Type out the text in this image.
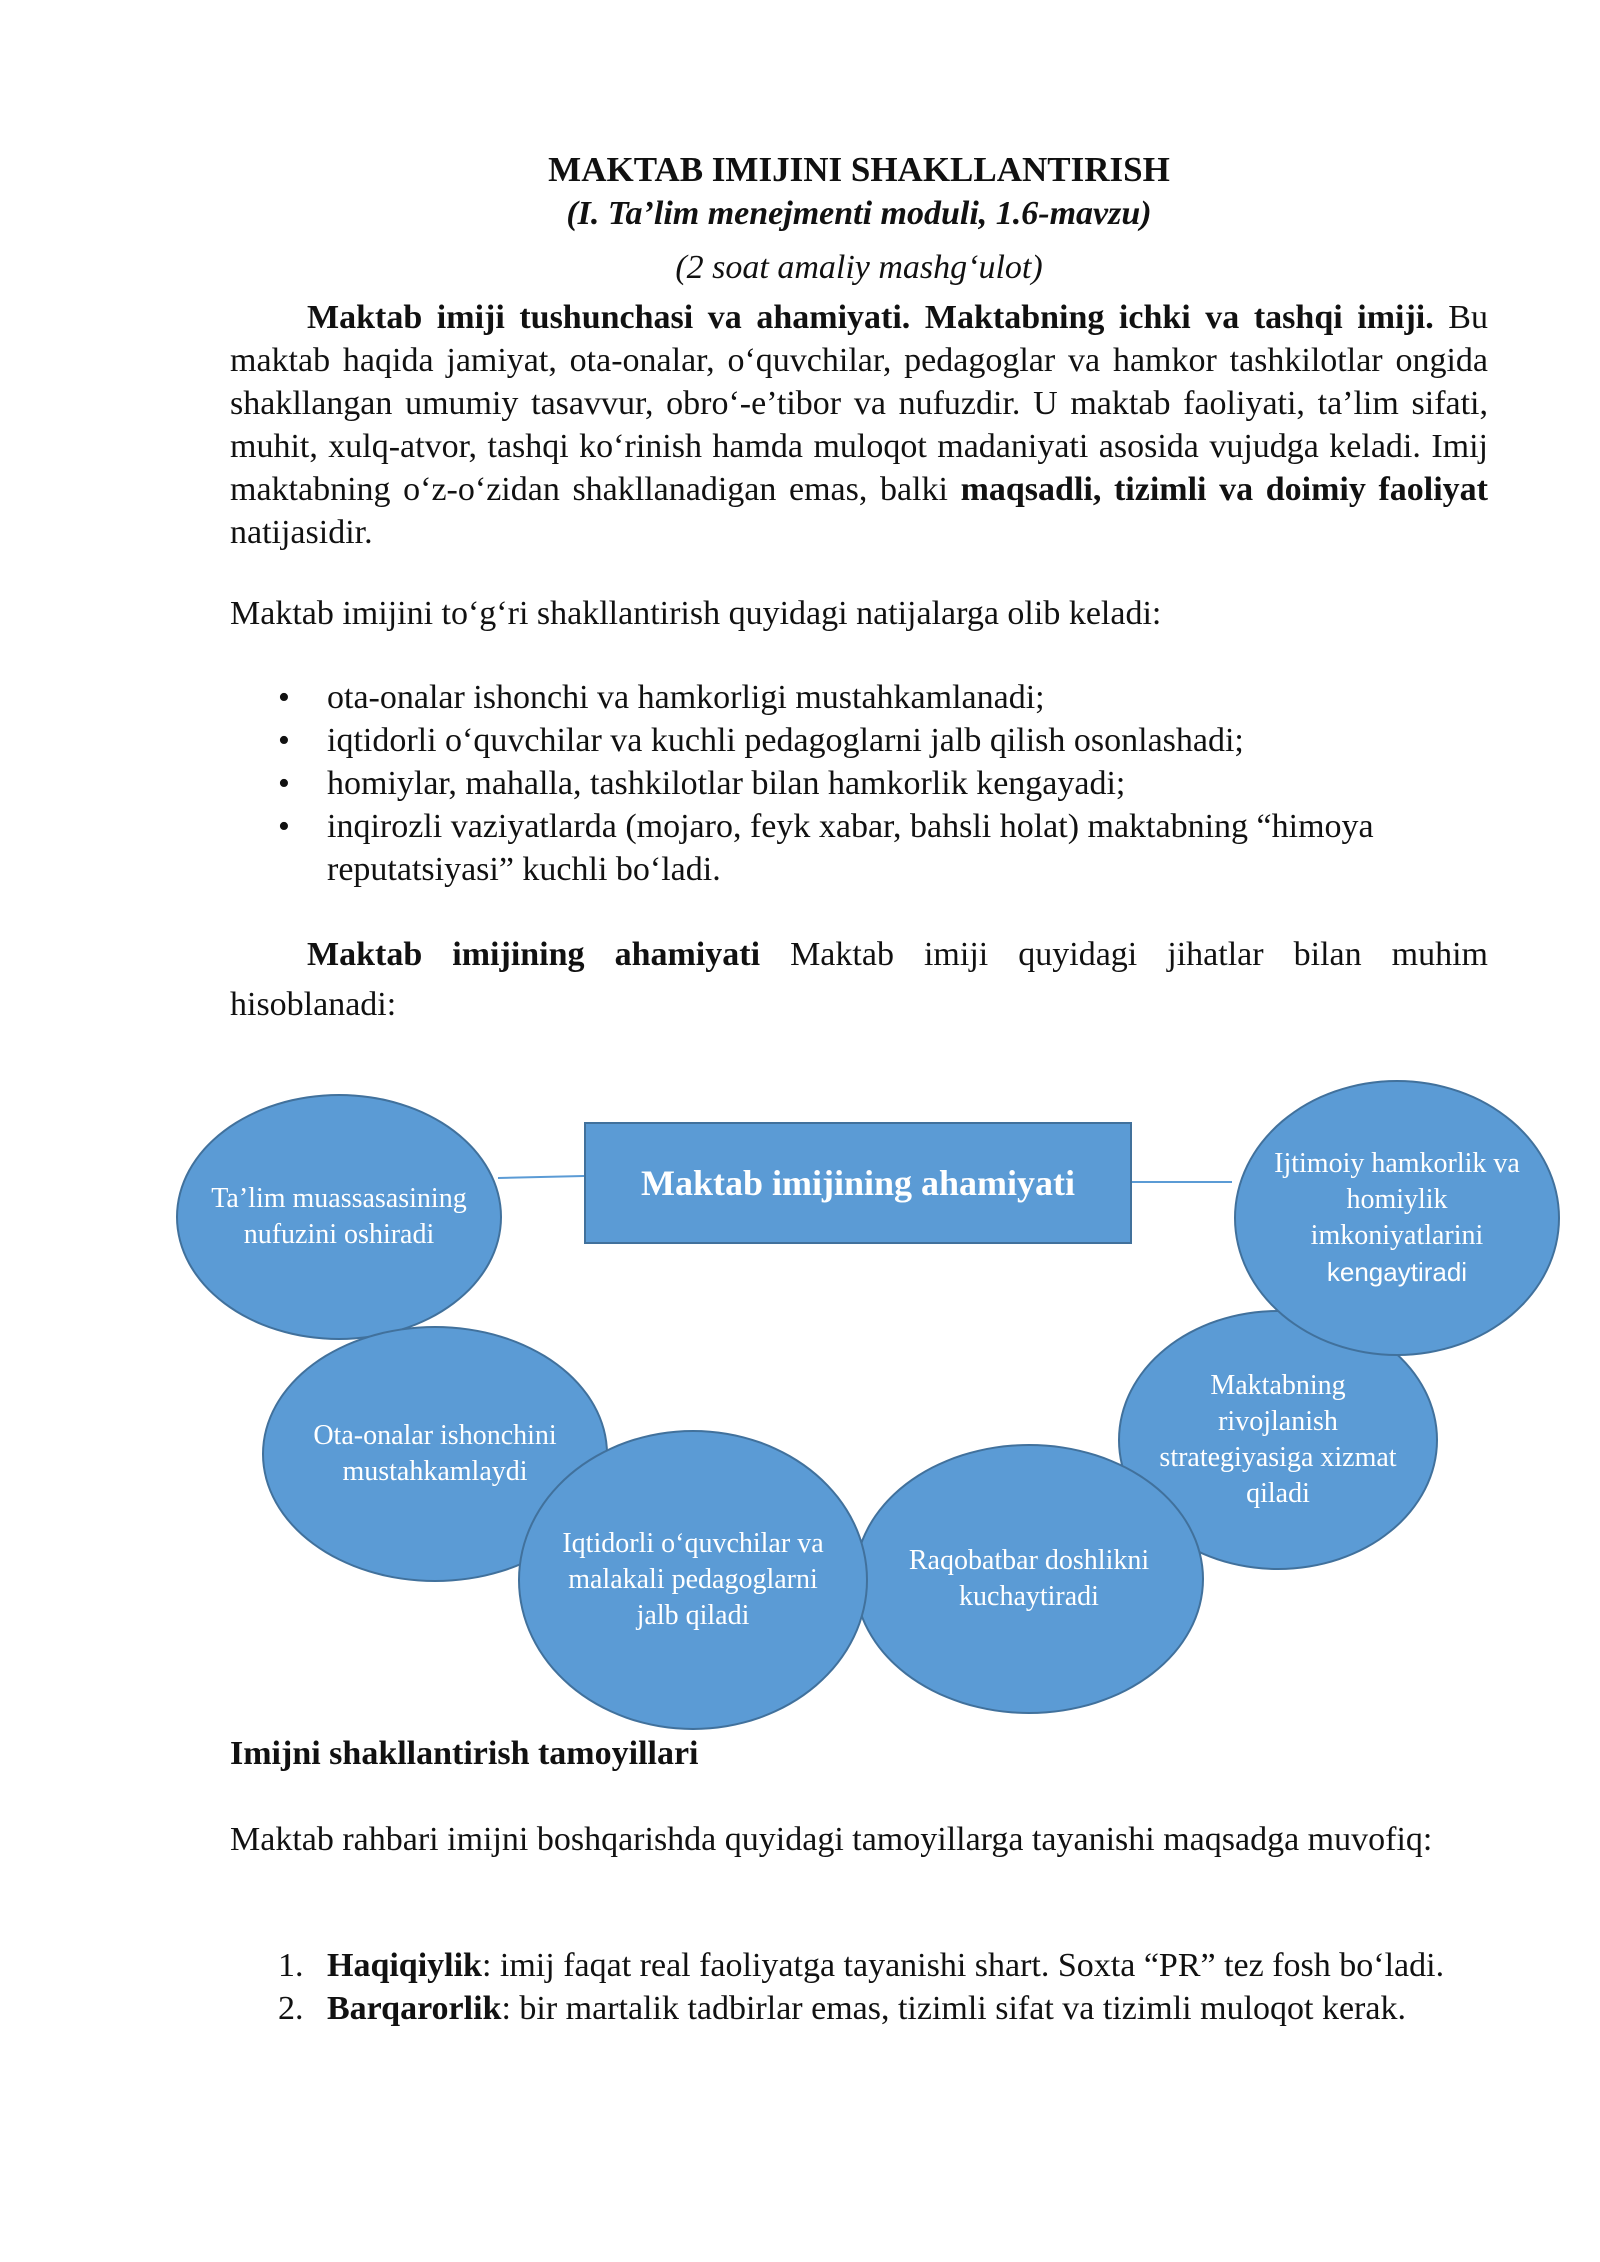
MAKTAB IMIJINI SHAKLLANTIRISH

(I. Ta’lim menejmenti moduli, 1.6-mavzu)

(2 soat amaliy mashg‘ulot)

Maktab imiji tushunchasi va ahamiyati. Maktabning ichki va tashqi imiji. Bu maktab haqida jamiyat, ota-onalar, o‘quvchilar, pedagoglar va hamkor tashkilotlar ongida shakllangan umumiy tasavvur, obro‘-e’tibor va nufuzdir. U maktab faoliyati, ta’lim sifati, muhit, xulq-atvor, tashqi ko‘rinish hamda muloqot madaniyati asosida vujudga keladi. Imij maktabning o‘z-o‘zidan shakllanadigan emas, balki maqsadli, tizimli va doimiy faoliyat natijasidir.

Maktab imijini to‘g‘ri shakllantirish quyidagi natijalarga olib keladi:

• ota-onalar ishonchi va hamkorligi mustahkamlanadi;
• iqtidorli o‘quvchilar va kuchli pedagoglarni jalb qilish osonlashadi;
• homiylar, mahalla, tashkilotlar bilan hamkorlik kengayadi;
• inqirozli vaziyatlarda (mojaro, feyk xabar, bahsli holat) maktabning “himoya reputatsiyasi” kuchli bo‘ladi.

Maktab imijining ahamiyati Maktab imiji quyidagi jihatlar bilan muhim hisoblanadi:

Maktab imijining ahamiyati
Ta’lim muassasasining nufuzini oshiradi
Maktabning rivojlanish strategiyasiga xizmat qiladi
Ijtimoiy hamkorlik va homiylik imkoniyatlarini
kengaytiradi
Ota-onalar ishonchini mustahkamlaydi
Raqobatbar doshlikni kuchaytiradi
Iqtidorli o‘quvchilar va malakali pedagoglarni jalb qiladi

Imijni shakllantirish tamoyillari

Maktab rahbari imijni boshqarishda quyidagi tamoyillarga tayanishi maqsadga muvofiq:

1. Haqiqiylik: imij faqat real faoliyatga tayanishi shart. Soxta “PR” tez fosh bo‘ladi.
2. Barqarorlik: bir martalik tadbirlar emas, tizimli sifat va tizimli muloqot kerak.
